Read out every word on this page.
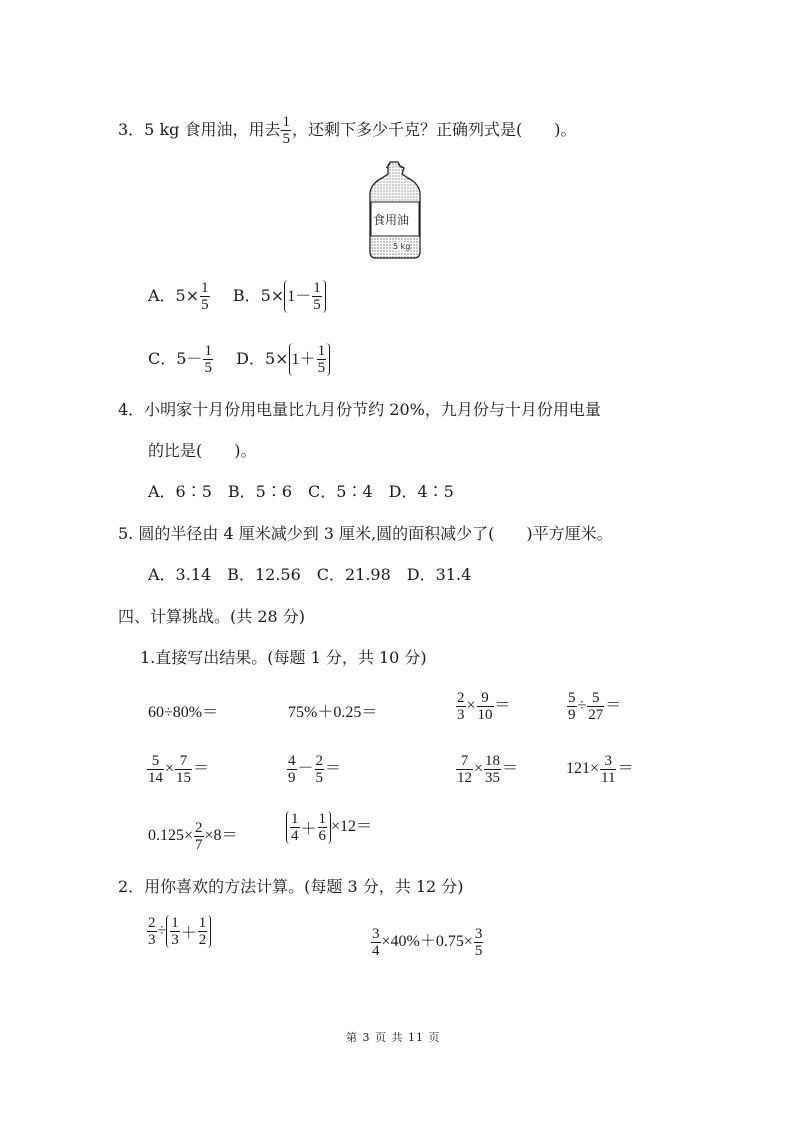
3．5 kg 食用油，用去 $\frac{1}{5}$ ，还剩下多少千克？正确列式是(　　)。
食用油
5 kg
A．$5\times \frac{1}{5}$ B．$5\times 1- \frac{1}{5}$
C．$5- \frac{1}{5}$ D．$5\times 1+ \frac{1}{5}$
4．小明家十月份用电量比九月份节约 20%，九月份与十月份用电量
的比是(　　)。
A．6∶5　B．5∶6　C．5∶4　D．4∶5
5. 圆的半径由 4 厘米减少到 3 厘米,圆的面积减少了(　　)平方厘米。
A．3.14　B．12.56　C．21.98　D．31.4
四、计算挑战。(共 28 分)
1.直接写出结果。(每题 1 分，共 10 分)
60÷80%＝	75%＋0.25＝	$\frac{2}{3} \times \frac{9}{10}$ ＝	$\frac{5}{9} \div \frac{5}{27}$ ＝
$\frac{5}{14} \times \frac{7}{15}$ ＝	$\frac{4}{9} - \frac{2}{5}$ ＝	$\frac{7}{12} \times \frac{18}{35}$ ＝	$121\times \frac{3}{11}$ ＝
$0.125\times \frac{2}{7} \times 8=$	$\frac{1}{4} + \frac{1}{6} \times 12=$
2．用你喜欢的方法计算。(每题 3 分，共 12 分)
$\frac{2}{3} \div \frac{1}{3} + \frac{1}{2}$	$\frac{3}{4} \times 40\%+0.75\times \frac{3}{5}$
第 3 页 共 11 页
